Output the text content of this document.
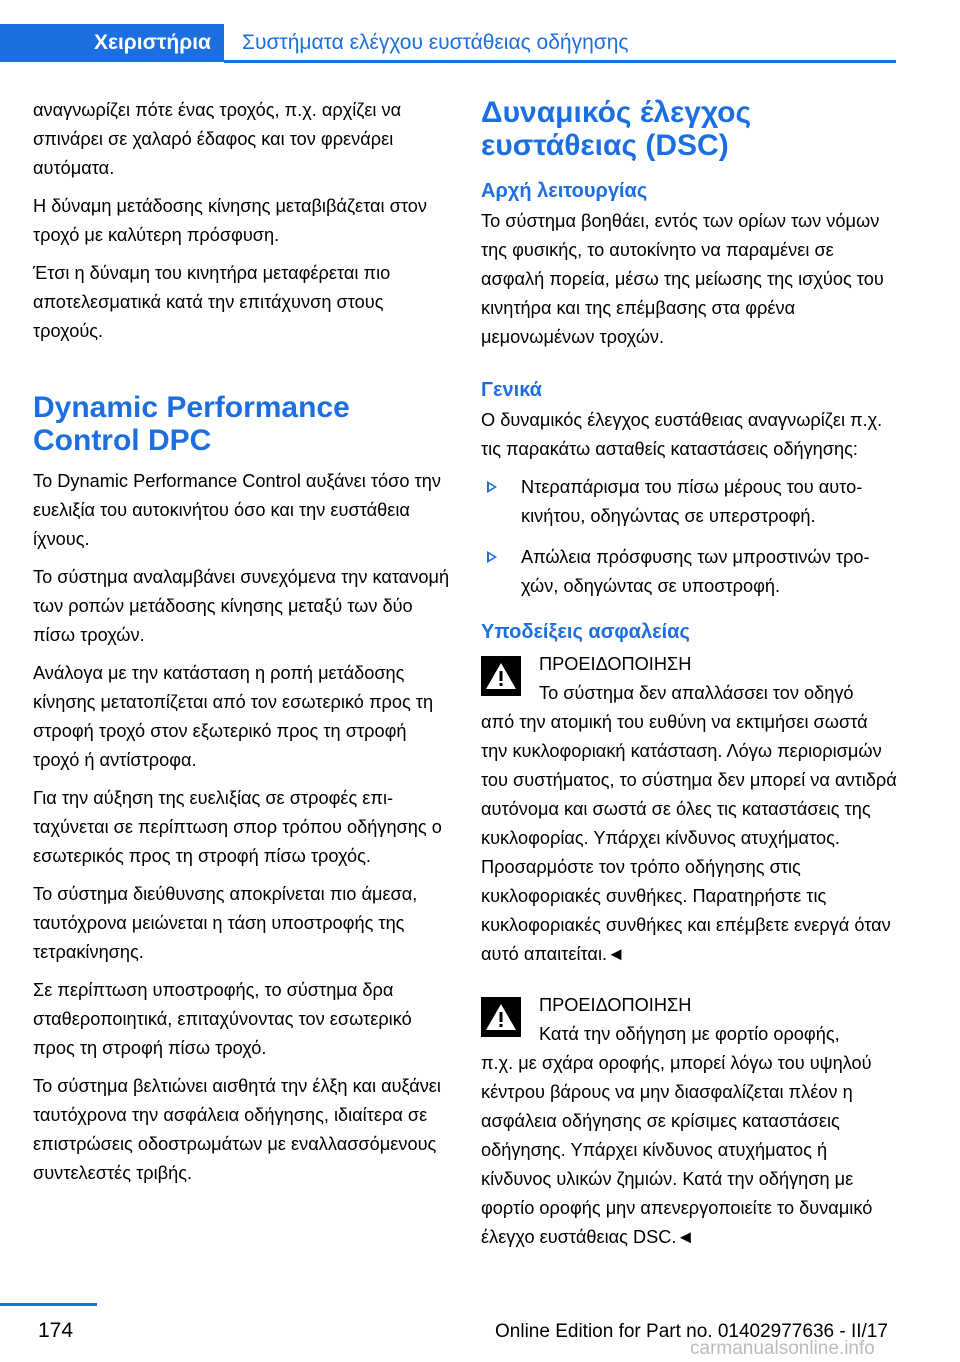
Χειριστήρια	Συστήματα ελέγχου ευστάθειας οδήγησης

αναγνωρίζει πότε ένας τροχός, π.χ. αρχίζει να σπινάρει σε χαλαρό έδαφος και τον φρενάρει αυτόματα.

Η δύναμη μετάδοσης κίνησης μεταβιβάζεται στον τροχό με καλύτερη πρόσφυση.

Έτσι η δύναμη του κινητήρα μεταφέρεται πιο αποτελεσματικά κατά την επιτάχυνση στους τροχούς.

Dynamic Performance Control DPC

Το Dynamic Performance Control αυξάνει τόσο την ευελιξία του αυτοκινήτου όσο και την ευστάθεια ίχνους.

Το σύστημα αναλαμβάνει συνεχόμενα την κατανομή των ροπών μετάδοσης κίνησης μεταξύ των δύο πίσω τροχών.

Ανάλογα με την κατάσταση η ροπή μετάδοσης κίνησης μετατοπίζεται από τον εσωτερικό προς τη στροφή τροχό στον εξωτερικό προς τη στροφή τροχό ή αντίστροφα.

Για την αύξηση της ευελιξίας σε στροφές επιταχύνεται σε περίπτωση σπορ τρόπου οδήγησης ο εσωτερικός προς τη στροφή πίσω τροχός.

Το σύστημα διεύθυνσης αποκρίνεται πιο άμεσα, ταυτόχρονα μειώνεται η τάση υποστροφής της τετρακίνησης.

Σε περίπτωση υποστροφής, το σύστημα δρα σταθεροποιητικά, επιταχύνοντας τον εσωτερικό προς τη στροφή πίσω τροχό.

Το σύστημα βελτιώνει αισθητά την έλξη και αυξάνει ταυτόχρονα την ασφάλεια οδήγησης, ιδιαίτερα σε επιστρώσεις οδοστρωμάτων με εναλλασσόμενους συντελεστές τριβής.

Δυναμικός έλεγχος ευστάθειας (DSC)
Αρχή λειτουργίας

Το σύστημα βοηθάει, εντός των ορίων των νόμων της φυσικής, το αυτοκίνητο να παραμένει σε ασφαλή πορεία, μέσω της μείωσης της ισχύος του κινητήρα και της επέμβασης στα φρένα μεμονωμένων τροχών.

Γενικά

Ο δυναμικός έλεγχος ευστάθειας αναγνωρίζει π.χ. τις παρακάτω ασταθείς καταστάσεις οδήγησης:

Ντεραπάρισμα του πίσω μέρους του αυτοκινήτου, οδηγώντας σε υπερστροφή.
Απώλεια πρόσφυσης των μπροστινών τροχών, οδηγώντας σε υποστροφή.
Υποδείξεις ασφαλείας

ΠΡΟΕΙΔΟΠΟΙΗΣΗ

Το σύστημα δεν απαλλάσσει τον οδηγό

από την ατομική του ευθύνη να εκτιμήσει σωστά την κυκλοφοριακή κατάσταση. Λόγω περιορισμών του συστήματος, το σύστημα δεν μπορεί να αντιδρά αυτόνομα και σωστά σε όλες τις καταστάσεις της κυκλοφορίας. Υπάρχει κίνδυνος ατυχήματος. Προσαρμόστε τον τρόπο οδήγησης στις κυκλοφοριακές συνθήκες. Παρατηρήστε τις κυκλοφοριακές συνθήκες και επέμβετε ενεργά όταν αυτό απαιτείται.◄

ΠΡΟΕΙΔΟΠΟΙΗΣΗ

Κατά την οδήγηση με φορτίο οροφής,

π.χ. με σχάρα οροφής, μπορεί λόγω του υψηλού κέντρου βάρους να μην διασφαλίζεται πλέον η ασφάλεια οδήγησης σε κρίσιμες καταστάσεις οδήγησης. Υπάρχει κίνδυνος ατυχήματος ή κίνδυνος υλικών ζημιών. Κατά την οδήγηση με φορτίο οροφής μην απενεργοποιείτε το δυναμικό έλεγχο ευστάθειας DSC.◄

174	Online Edition for Part no. 01402977636 - II/17
carmanualsonline.info
